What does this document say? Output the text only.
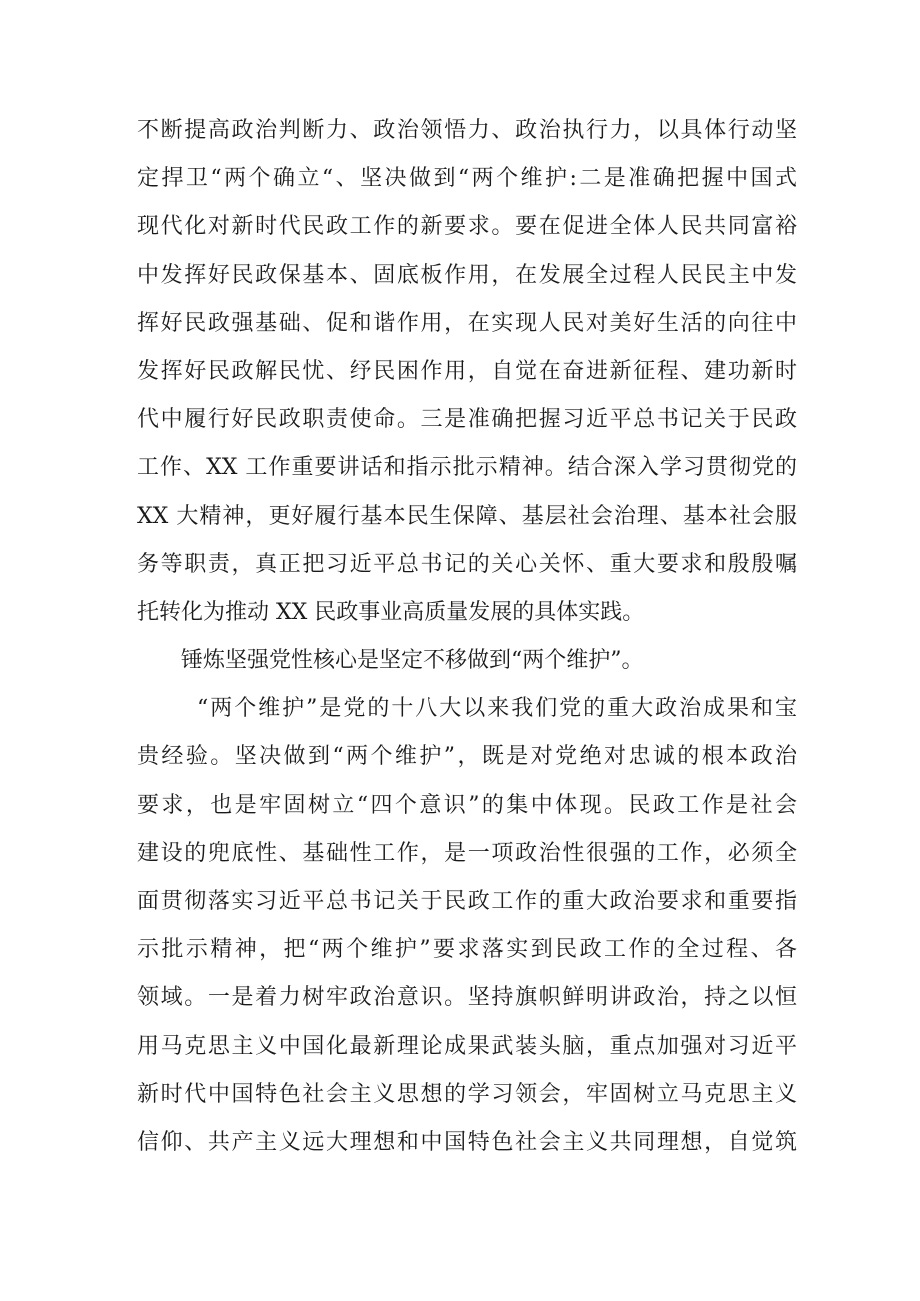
不断提高政治判断力、政治领悟力、政治执行力，以具体行动坚
定捍卫“两个确立“、坚决做到“两个维护:二是准确把握中国式
现代化对新时代民政工作的新要求。要在促进全体人民共同富裕
中发挥好民政保基本、固底板作用，在发展全过程人民民主中发
挥好民政强基础、促和谐作用，在实现人民对美好生活的向往中
发挥好民政解民忧、纾民困作用，自觉在奋进新征程、建功新时
代中履行好民政职责使命。三是准确把握习近平总书记关于民政
工作、XX 工作重要讲话和指示批示精神。结合深入学习贯彻党的
XX 大精神，更好履行基本民生保障、基层社会治理、基本社会服
务等职责，真正把习近平总书记的关心关怀、重大要求和殷殷嘱
托转化为推动 XX 民政事业高质量发展的具体实践。
锤炼坚强党性核心是坚定不移做到“两个维护”。
“两个维护”是党的十八大以来我们党的重大政治成果和宝
贵经验。坚决做到“两个维护”，既是对党绝对忠诚的根本政治
要求，也是牢固树立“四个意识”的集中体现。民政工作是社会
建设的兜底性、基础性工作，是一项政治性很强的工作，必须全
面贯彻落实习近平总书记关于民政工作的重大政治要求和重要指
示批示精神，把“两个维护”要求落实到民政工作的全过程、各
领域。一是着力树牢政治意识。坚持旗帜鲜明讲政治，持之以恒
用马克思主义中国化最新理论成果武装头脑，重点加强对习近平
新时代中国特色社会主义思想的学习领会，牢固树立马克思主义
信仰、共产主义远大理想和中国特色社会主义共同理想，自觉筑
